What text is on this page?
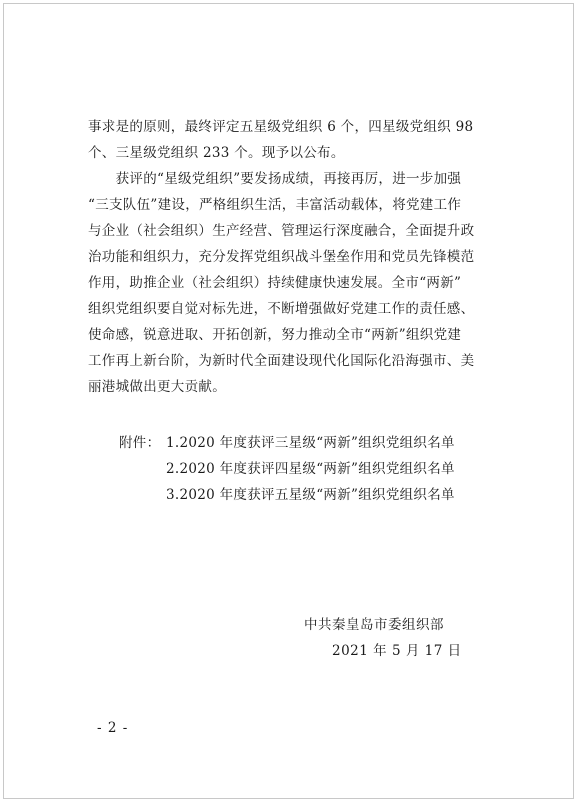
事求是的原则，最终评定五星级党组织 6 个，四星级党组织 98

个、三星级党组织 233 个。现予以公布。

　　获评的“星级党组织”要发扬成绩，再接再厉，进一步加强

“三支队伍”建设，严格组织生活，丰富活动载体，将党建工作

与企业（社会组织）生产经营、管理运行深度融合，全面提升政

治功能和组织力，充分发挥党组织战斗堡垒作用和党员先锋模范

作用，助推企业（社会组织）持续健康快速发展。全市“两新”

组织党组织要自觉对标先进，不断增强做好党建工作的责任感、

使命感，锐意进取、开拓创新，努力推动全市“两新”组织党建

工作再上新台阶，为新时代全面建设现代化国际化沿海强市、美

丽港城做出更大贡献。

附件： 1.2020 年度获评三星级“两新”组织党组织名单
2.2020 年度获评四星级“两新”组织党组织名单
3.2020 年度获评五星级“两新”组织党组织名单
中共秦皇岛市委组织部
2021 年 5 月 17 日
- 2 -
